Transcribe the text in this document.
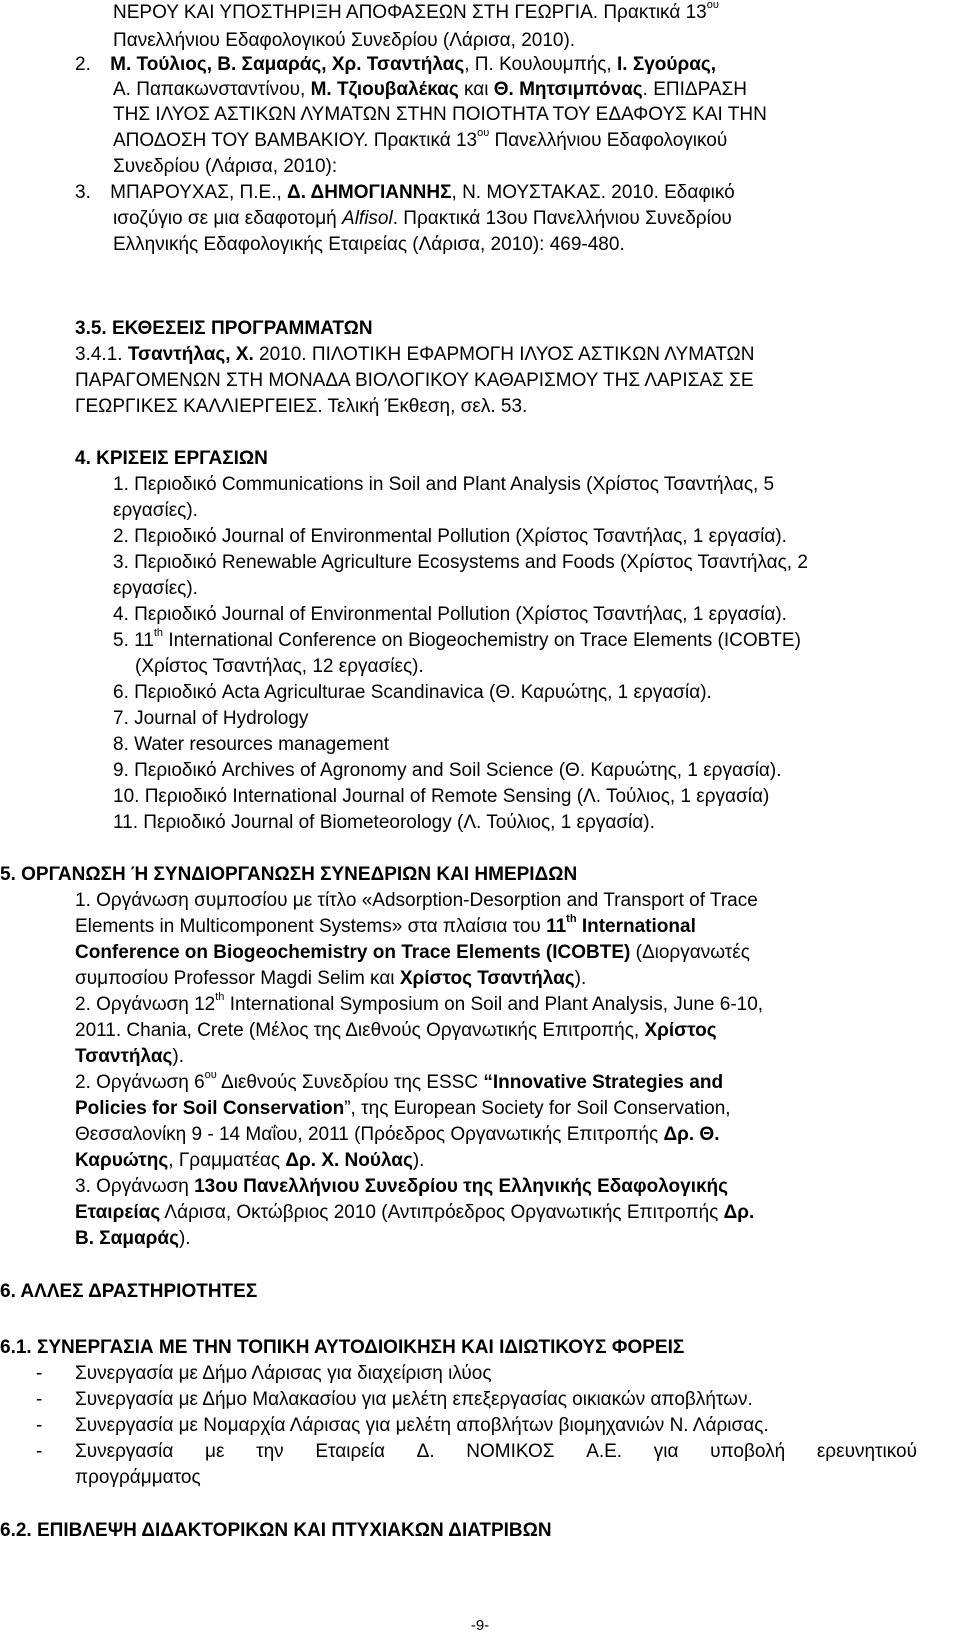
ΝΕΡΟΥ ΚΑΙ ΥΠΟΣΤΗΡΙΞΗ ΑΠΟΦΑΣΕΩΝ ΣΤΗ ΓΕΩΡΓΙΑ. Πρακτικά $13^{o\upsilon}$
Πανελλήνιου Εδαφολογικού Συνεδρίου (Λάρισα, 2010).
2. Μ. Τούλιος, Β. Σαμαράς, Χρ. Τσαντήλας, Π. Κουλουμπής, Ι. Σγούρας,
Α. Παπακωνσταντίνου, Μ. Τζιουβαλέκας και Θ. Μητσιμπόνας. ΕΠΙΔΡΑΣΗ
ΤΗΣ ΙΛΥΟΣ ΑΣΤΙΚΩΝ ΛΥΜΑΤΩΝ ΣΤΗΝ ΠΟΙΟΤΗΤΑ ΤΟΥ ΕΔΑΦΟΥΣ ΚΑΙ ΤΗΝ
ΑΠΟΔΟΣΗ ΤΟΥ ΒΑΜΒΑΚΙΟΥ. Πρακτικά $13^{o\upsilon}$ Πανελλήνιου Εδαφολογικού
Συνεδρίου (Λάρισα, 2010):
3. ΜΠΑΡΟΥΧΑΣ, Π.Ε., Δ. ΔΗΜΟΓΙΑΝΝΗΣ, Ν. ΜΟΥΣΤΑΚΑΣ. 2010. Εδαφικό
ισοζύγιο σε μια εδαφοτομή Alfisol. Πρακτικά 13ου Πανελλήνιου Συνεδρίου
Ελληνικής Εδαφολογικής Εταιρείας (Λάρισα, 2010): 469-480.
3.5. ΕΚΘΕΣΕΙΣ ΠΡΟΓΡΑΜΜΑΤΩΝ
3.4.1. Τσαντήλας, Χ. 2010. ΠΙΛΟΤΙΚΗ ΕΦΑΡΜΟΓΗ ΙΛΥΟΣ ΑΣΤΙΚΩΝ ΛΥΜΑΤΩΝ
ΠΑΡΑΓΟΜΕΝΩΝ ΣΤΗ ΜΟΝΑΔΑ ΒΙΟΛΟΓΙΚΟΥ ΚΑΘΑΡΙΣΜΟΥ ΤΗΣ ΛΑΡΙΣΑΣ ΣΕ
ΓΕΩΡΓΙΚΕΣ ΚΑΛΛΙΕΡΓΕΙΕΣ. Τελική Έκθεση, σελ. 53.
4. ΚΡΙΣΕΙΣ ΕΡΓΑΣΙΩΝ
1. Περιοδικό Communications in Soil and Plant Analysis (Χρίστος Τσαντήλας, 5
εργασίες).
2. Περιοδικό Journal of Environmental Pollution (Χρίστος Τσαντήλας, 1 εργασία).
3. Περιοδικό Renewable Agriculture Ecosystems and Foods (Χρίστος Τσαντήλας, 2
εργασίες).
4. Περιοδικό Journal of Environmental Pollution (Χρίστος Τσαντήλας, 1 εργασία).
5. 11th International Conference on Biogeochemistry on Trace Elements (ICOBTE)
(Χρίστος Τσαντήλας, 12 εργασίες).
6. Περιοδικό Acta Agriculturae Scandinavica (Θ. Καρυώτης, 1 εργασία).
7. Journal of Hydrology
8. Water resources management
9. Περιοδικό Archives of Agronomy and Soil Science (Θ. Καρυώτης, 1 εργασία).
10. Περιοδικό International Journal of Remote Sensing (Λ. Τούλιος, 1 εργασία)
11. Περιοδικό Journal of Biometeorology (Λ. Τούλιος, 1 εργασία).
5. ΟΡΓΑΝΩΣΗ Ή ΣΥΝΔΙΟΡΓΑΝΩΣΗ ΣΥΝΕΔΡΙΩΝ ΚΑΙ ΗΜΕΡΙΔΩΝ
1. Οργάνωση συμποσίου με τίτλο «Adsorption-Desorption and Transport of Trace
Elements in Multicomponent Systems» στα πλαίσια του 11th International
Conference on Biogeochemistry on Trace Elements (ICOBTE) (Διοργανωτές
συμποσίου Professor Magdi Selim και Χρίστος Τσαντήλας).
2. Οργάνωση 12th International Symposium on Soil and Plant Analysis, June 6-10,
2011. Chania, Crete (Μέλος της Διεθνούς Οργανωτικής Επιτροπής, Χρίστος
Τσαντήλας).
2. Οργάνωση $6^{o\upsilon}$ Διεθνούς Συνεδρίου της ESSC “Innovative Strategies and
Policies for Soil Conservation”, της European Society for Soil Conservation,
Θεσσαλονίκη 9 - 14 Μαΐου, 2011 (Πρόεδρος Οργανωτικής Επιτροπής Δρ. Θ.
Καρυώτης, Γραμματέας Δρ. Χ. Νούλας).
3. Οργάνωση 13ου Πανελλήνιου Συνεδρίου της Ελληνικής Εδαφολογικής
Εταιρείας Λάρισα, Οκτώβριος 2010 (Αντιπρόεδρος Οργανωτικής Επιτροπής Δρ.
Β. Σαμαράς).
6. ΑΛΛΕΣ ΔΡΑΣΤΗΡΙΟΤΗΤΕΣ
6.1. ΣΥΝΕΡΓΑΣΙΑ ΜΕ ΤΗΝ ΤΟΠΙΚΗ ΑΥΤΟΔΙΟΙΚΗΣΗ ΚΑΙ ΙΔΙΩΤΙΚΟΥΣ ΦΟΡΕΙΣ
- Συνεργασία με Δήμο Λάρισας για διαχείριση ιλύος
- Συνεργασία με Δήμο Μαλακασίου για μελέτη επεξεργασίας οικιακών αποβλήτων.
- Συνεργασία με Νομαρχία Λάρισας για μελέτη αποβλήτων βιομηχανιών Ν. Λάρισας.
- Συνεργασία με την Εταιρεία Δ. ΝΟΜΙΚΟΣ Α.Ε. για υποβολή ερευνητικού
προγράμματος
6.2. ΕΠΙΒΛΕΨΗ ΔΙΔΑΚΤΟΡΙΚΩΝ ΚΑΙ ΠΤΥΧΙΑΚΩΝ ΔΙΑΤΡΙΒΩΝ
-9-
